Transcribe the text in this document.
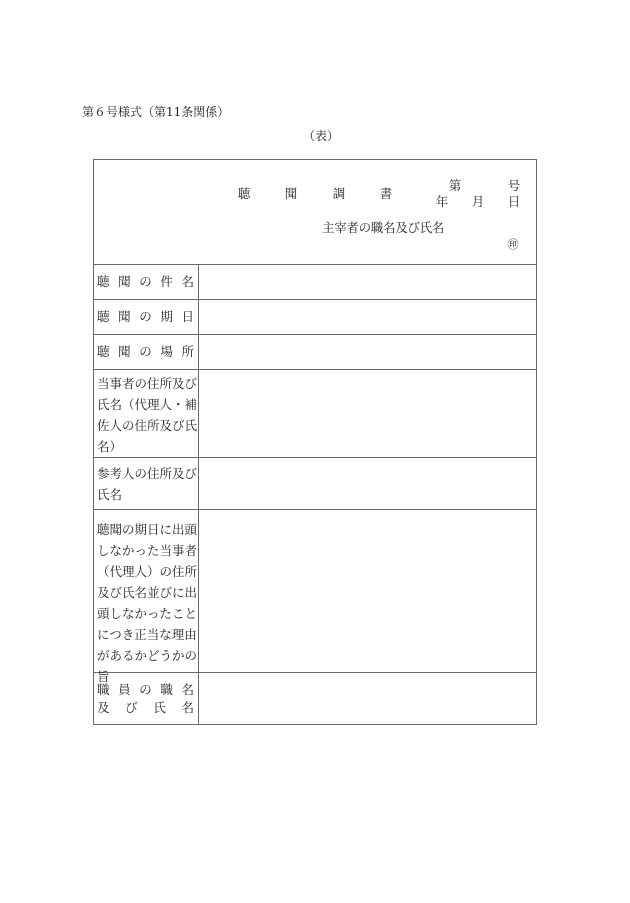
第６号様式（第11条関係）
（表）
聴	聞	調	書
第	号
年 月 日
主宰者の職名及び氏名
㊞
聴 聞 の 件 名
聴 聞 の 期 日
聴 聞 の 場 所
当事者の住所及び
氏名（代理人・補
佐人の住所及び氏
名）
参考人の住所及び
氏名
聴聞の期日に出頭
しなかった当事者
（代理人）の住所
及び氏名並びに出
頭しなかったこと
につき正当な理由
があるかどうかの
旨
職 員 の 職 名
及 び 氏 名
